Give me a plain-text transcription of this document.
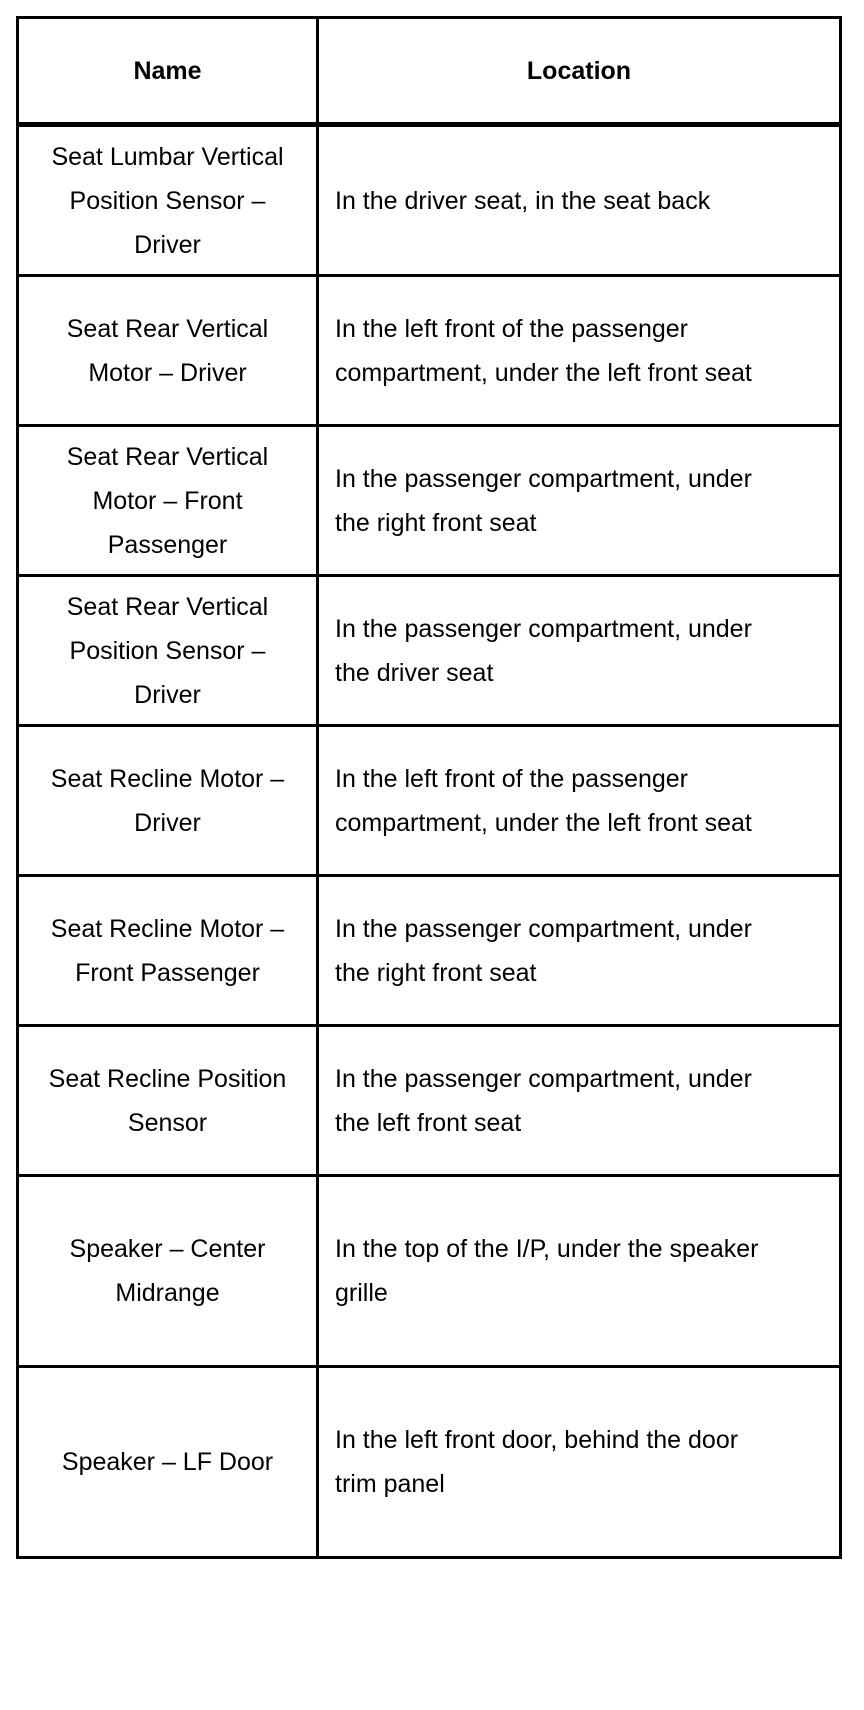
Name	Location

Seat Lumbar Vertical Position Sensor – Driver	In the driver seat, in the seat back

Seat Rear Vertical Motor – Driver	In the left front of the passenger compartment, under the left front seat

Seat Rear Vertical Motor – Front Passenger	In the passenger compartment, under the right front seat

Seat Rear Vertical Position Sensor – Driver	In the passenger compartment, under the driver seat

Seat Recline Motor – Driver	In the left front of the passenger compartment, under the left front seat

Seat Recline Motor – Front Passenger	In the passenger compartment, under the right front seat

Seat Recline Position Sensor	In the passenger compartment, under the left front seat

Speaker – Center Midrange	In the top of the I/P, under the speaker grille

Speaker – LF Door	In the left front door, behind the door trim panel
